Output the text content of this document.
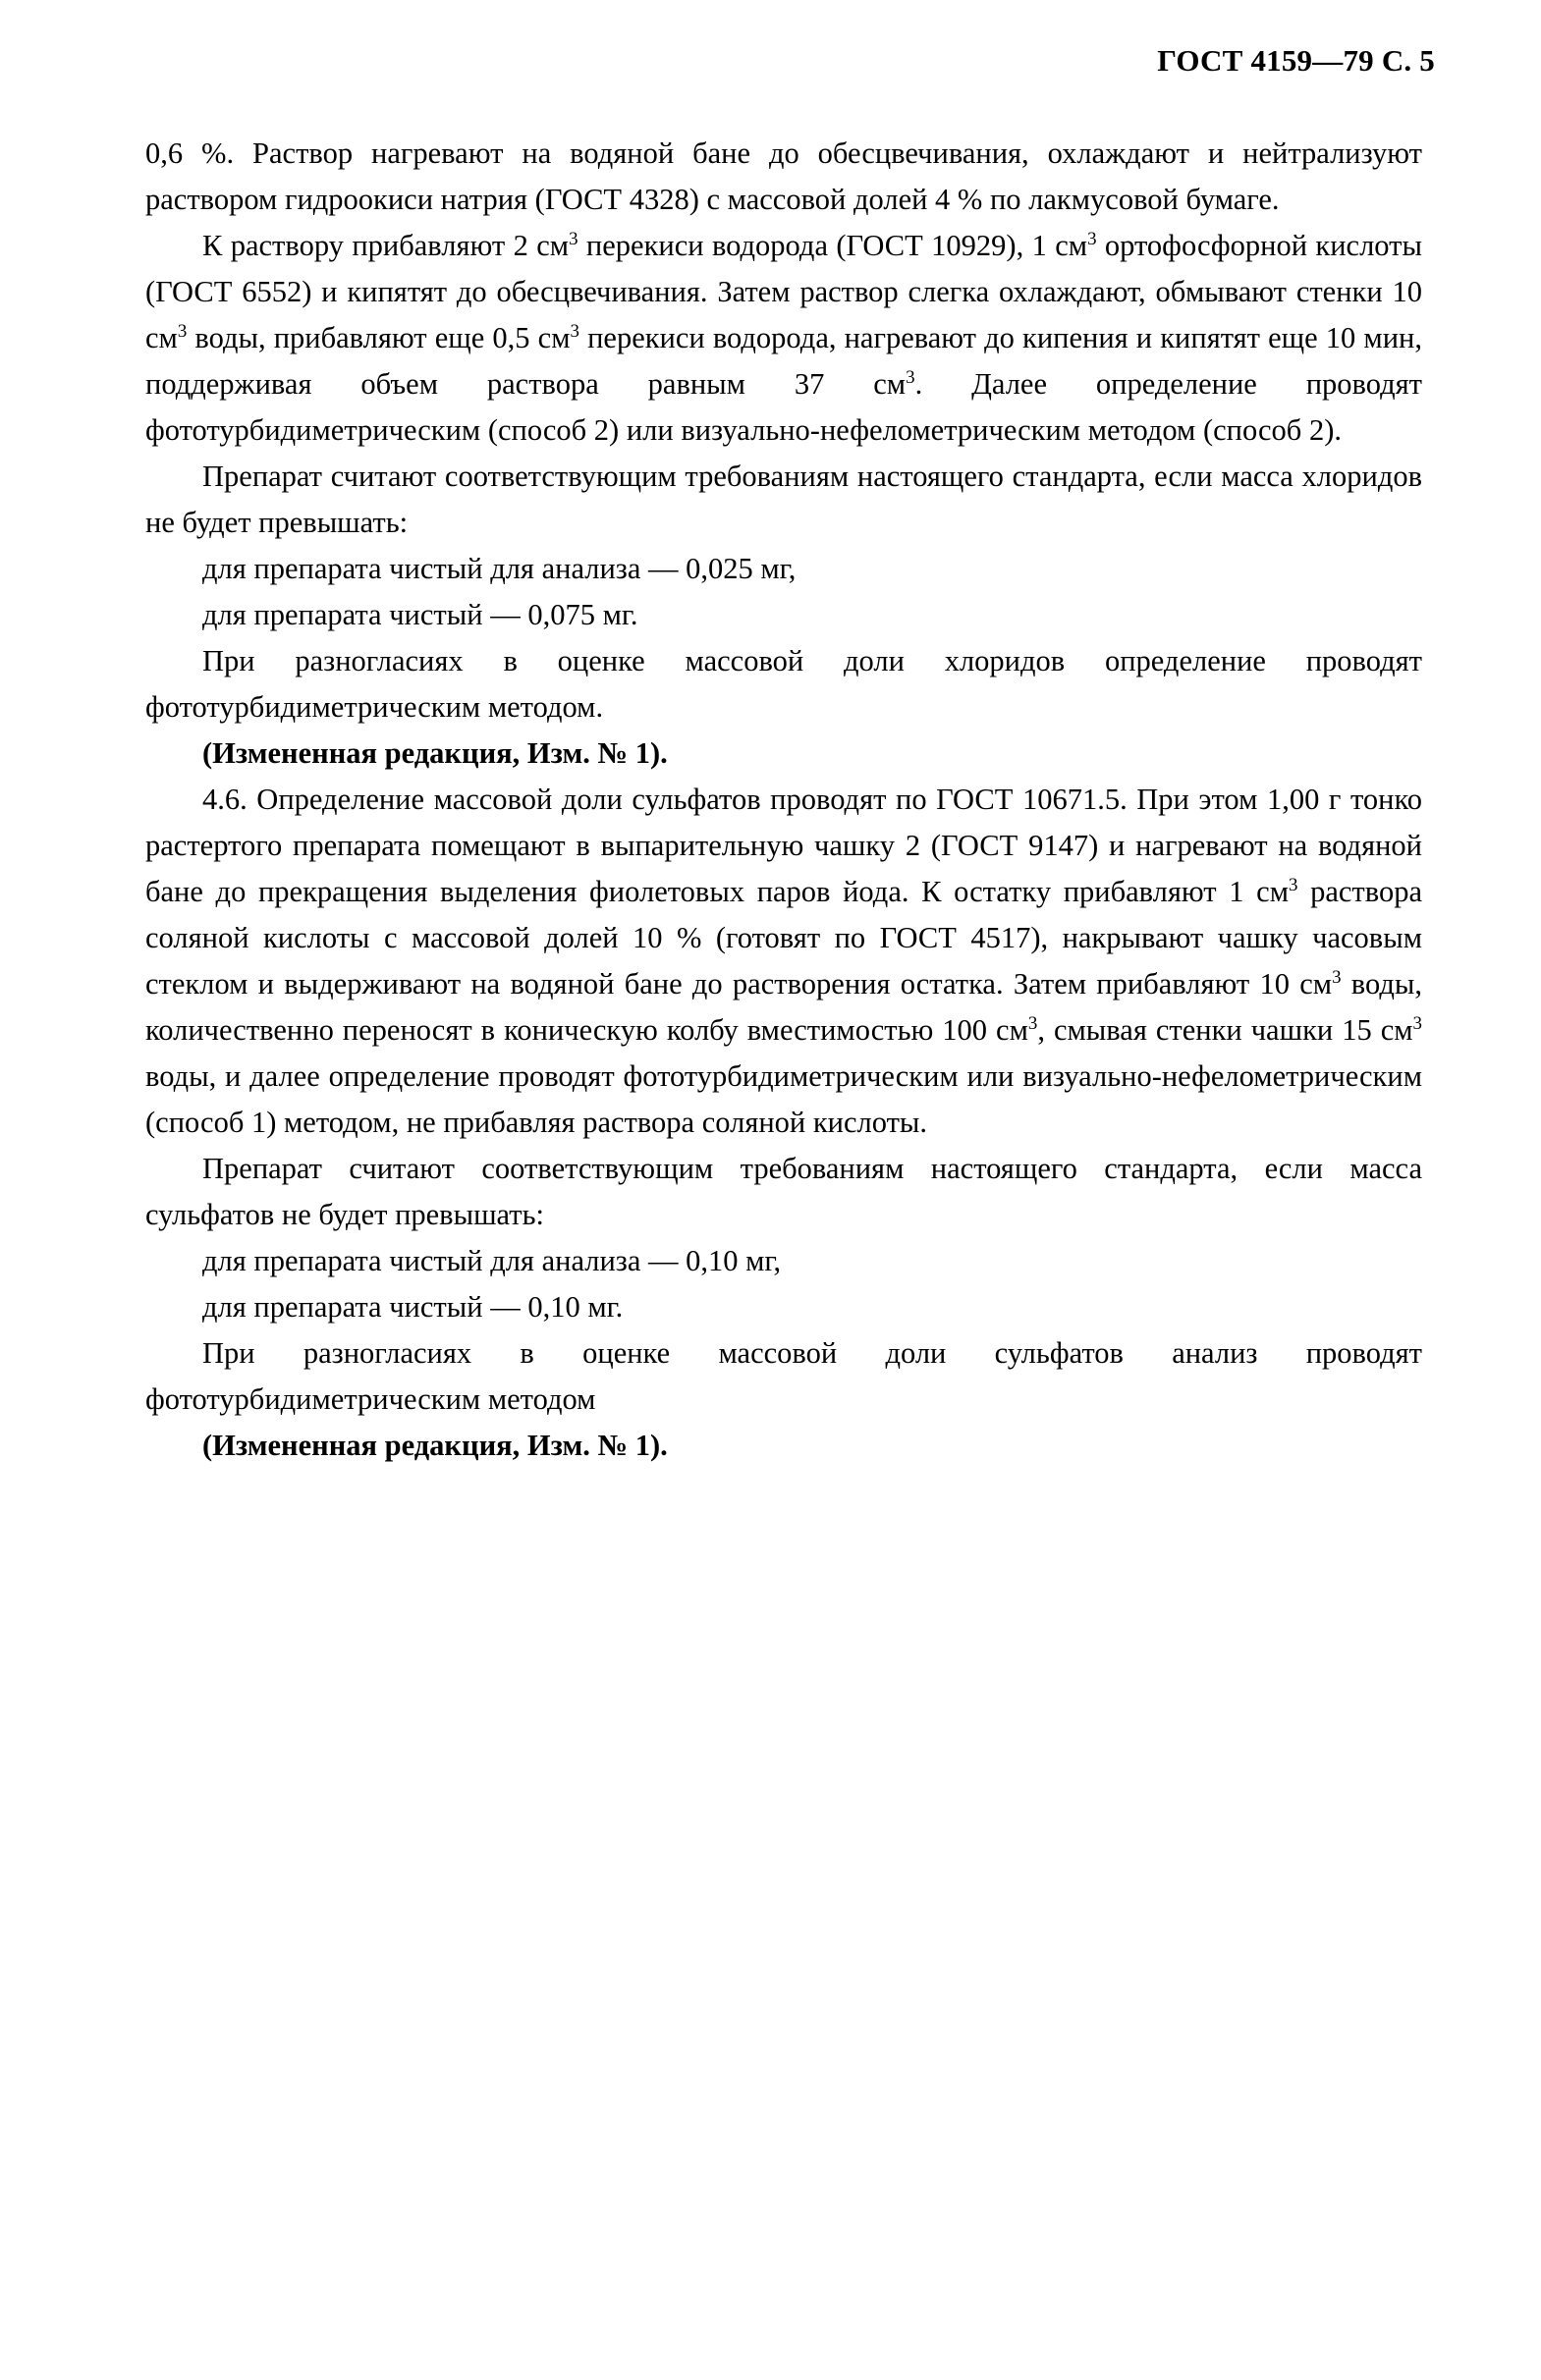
ГОСТ 4159—79 С. 5

0,6 %. Раствор нагревают на водяной бане до обесцвечивания, охлаждают и нейтрализуют раствором гидроокиси натрия (ГОСТ 4328) с массовой долей 4 % по лакмусовой бумаге.

К раствору прибавляют 2 $см^3$ перекиси водорода (ГОСТ 10929), 1 $см^3$ ортофосфорной кислоты (ГОСТ 6552) и кипятят до обесцвечивания. Затем раствор слегка охлаждают, обмывают стенки 10 $см^3$ воды, прибавляют еще 0,5 $см^3$ перекиси водорода, нагревают до кипения и кипятят еще 10 мин, поддерживая объем раствора равным 37 $см^3$. Далее определение проводят фототурбидиметрическим (способ 2) или визуально-нефелометрическим методом (способ 2).

Препарат считают соответствующим требованиям настоящего стандарта, если масса хлоридов не будет превышать:

для препарата чистый для анализа — 0,025 мг,

для препарата чистый — 0,075 мг.

При разногласиях в оценке массовой доли хлоридов определение проводят фототурбидиметрическим методом.

(Измененная редакция, Изм. № 1).

4.6. Определение массовой доли сульфатов проводят по ГОСТ 10671.5. При этом 1,00 г тонко растертого препарата помещают в выпарительную чашку 2 (ГОСТ 9147) и нагревают на водяной бане до прекращения выделения фиолетовых паров йода. К остатку прибавляют 1 $см^3$ раствора соляной кислоты с массовой долей 10 % (готовят по ГОСТ 4517), накрывают чашку часовым стеклом и выдерживают на водяной бане до растворения остатка. Затем прибавляют 10 $см^3$ воды, количественно переносят в коническую колбу вместимостью 100 $см^3$, смывая стенки чашки 15 $см^3$ воды, и далее определение проводят фототурбидиметрическим или визуально-нефелометрическим (способ 1) методом, не прибавляя раствора соляной кислоты.

Препарат считают соответствующим требованиям настоящего стандарта, если масса сульфатов не будет превышать:

для препарата чистый для анализа — 0,10 мг,

для препарата чистый — 0,10 мг.

При разногласиях в оценке массовой доли сульфатов анализ проводят фототурбидиметрическим методом

(Измененная редакция, Изм. № 1).
